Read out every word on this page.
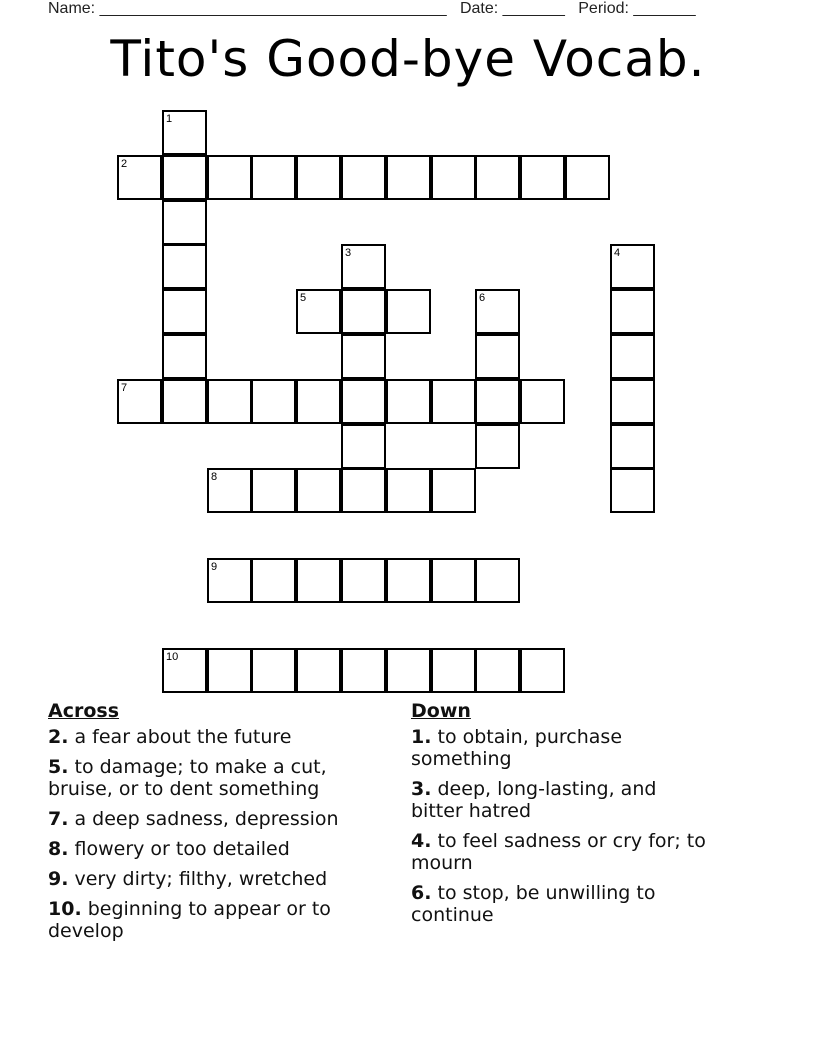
Name: _______________________________________   Date: _______   Period: _______
Tito's Good-bye Vocab.
1
2
3	4
5	6
7
8
9
10
Across
2. a fear about the future
5. to damage; to make a cut, bruise, or to dent something
7. a deep sadness, depression
8. flowery or too detailed
9. very dirty; filthy, wretched
10. beginning to appear or to develop
Down
1. to obtain, purchase something
3. deep, long-lasting, and bitter hatred
4. to feel sadness or cry for; to mourn
6. to stop, be unwilling to continue
